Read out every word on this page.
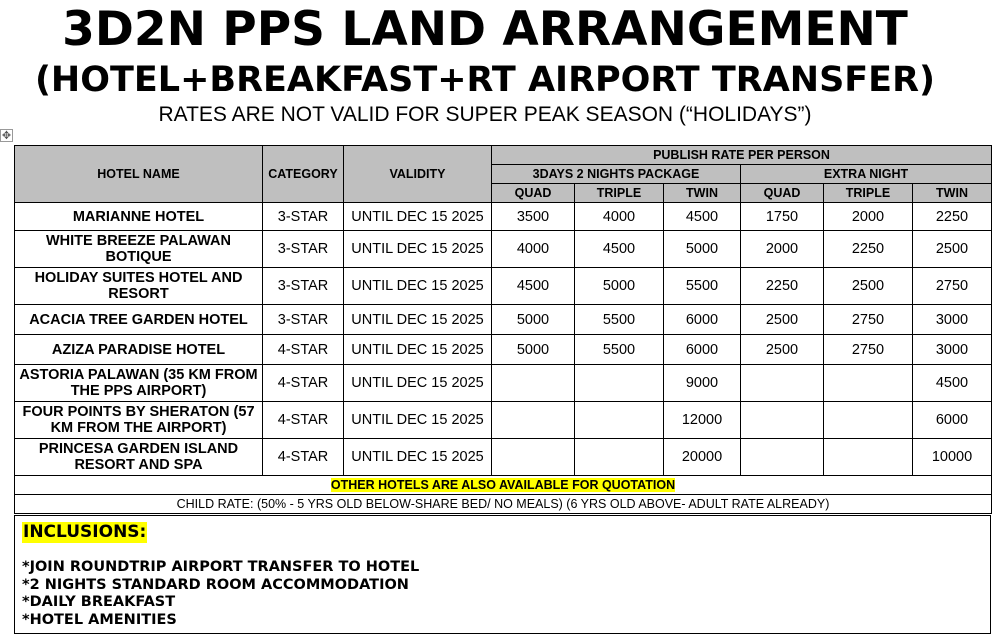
3D2N PPS LAND ARRANGEMENT
(HOTEL+BREAKFAST+RT AIRPORT TRANSFER)
RATES ARE NOT VALID FOR SUPER PEAK SEASON (“HOLIDAYS”)
✥
HOTEL NAME	CATEGORY	VALIDITY	PUBLISH RATE PER PERSON					
			3DAYS 2 NIGHTS PACKAGE			EXTRA NIGHT		
			QUAD	TRIPLE	TWIN	QUAD	TRIPLE	TWIN
MARIANNE HOTEL	3-STAR	UNTIL DEC 15 2025	3500	4000	4500	1750	2000	2250
WHITE BREEZE PALAWAN BOTIQUE	3-STAR	UNTIL DEC 15 2025	4000	4500	5000	2000	2250	2500
HOLIDAY SUITES HOTEL AND RESORT	3-STAR	UNTIL DEC 15 2025	4500	5000	5500	2250	2500	2750
ACACIA TREE GARDEN HOTEL	3-STAR	UNTIL DEC 15 2025	5000	5500	6000	2500	2750	3000
AZIZA PARADISE HOTEL	4-STAR	UNTIL DEC 15 2025	5000	5500	6000	2500	2750	3000
ASTORIA PALAWAN (35 KM FROM THE PPS AIRPORT)	4-STAR	UNTIL DEC 15 2025			9000			4500
FOUR POINTS BY SHERATON (57 KM FROM THE AIRPORT)	4-STAR	UNTIL DEC 15 2025			12000			6000
PRINCESA GARDEN ISLAND RESORT AND SPA	4-STAR	UNTIL DEC 15 2025			20000			10000
OTHER HOTELS ARE ALSO AVAILABLE FOR QUOTATION								
CHILD RATE: (50% - 5 YRS OLD BELOW-SHARE BED/ NO MEALS) (6 YRS OLD ABOVE- ADULT RATE ALREADY)								
INCLUSIONS:
*JOIN ROUNDTRIP AIRPORT TRANSFER TO HOTEL
*2 NIGHTS STANDARD ROOM ACCOMMODATION
*DAILY BREAKFAST
*HOTEL AMENITIES
